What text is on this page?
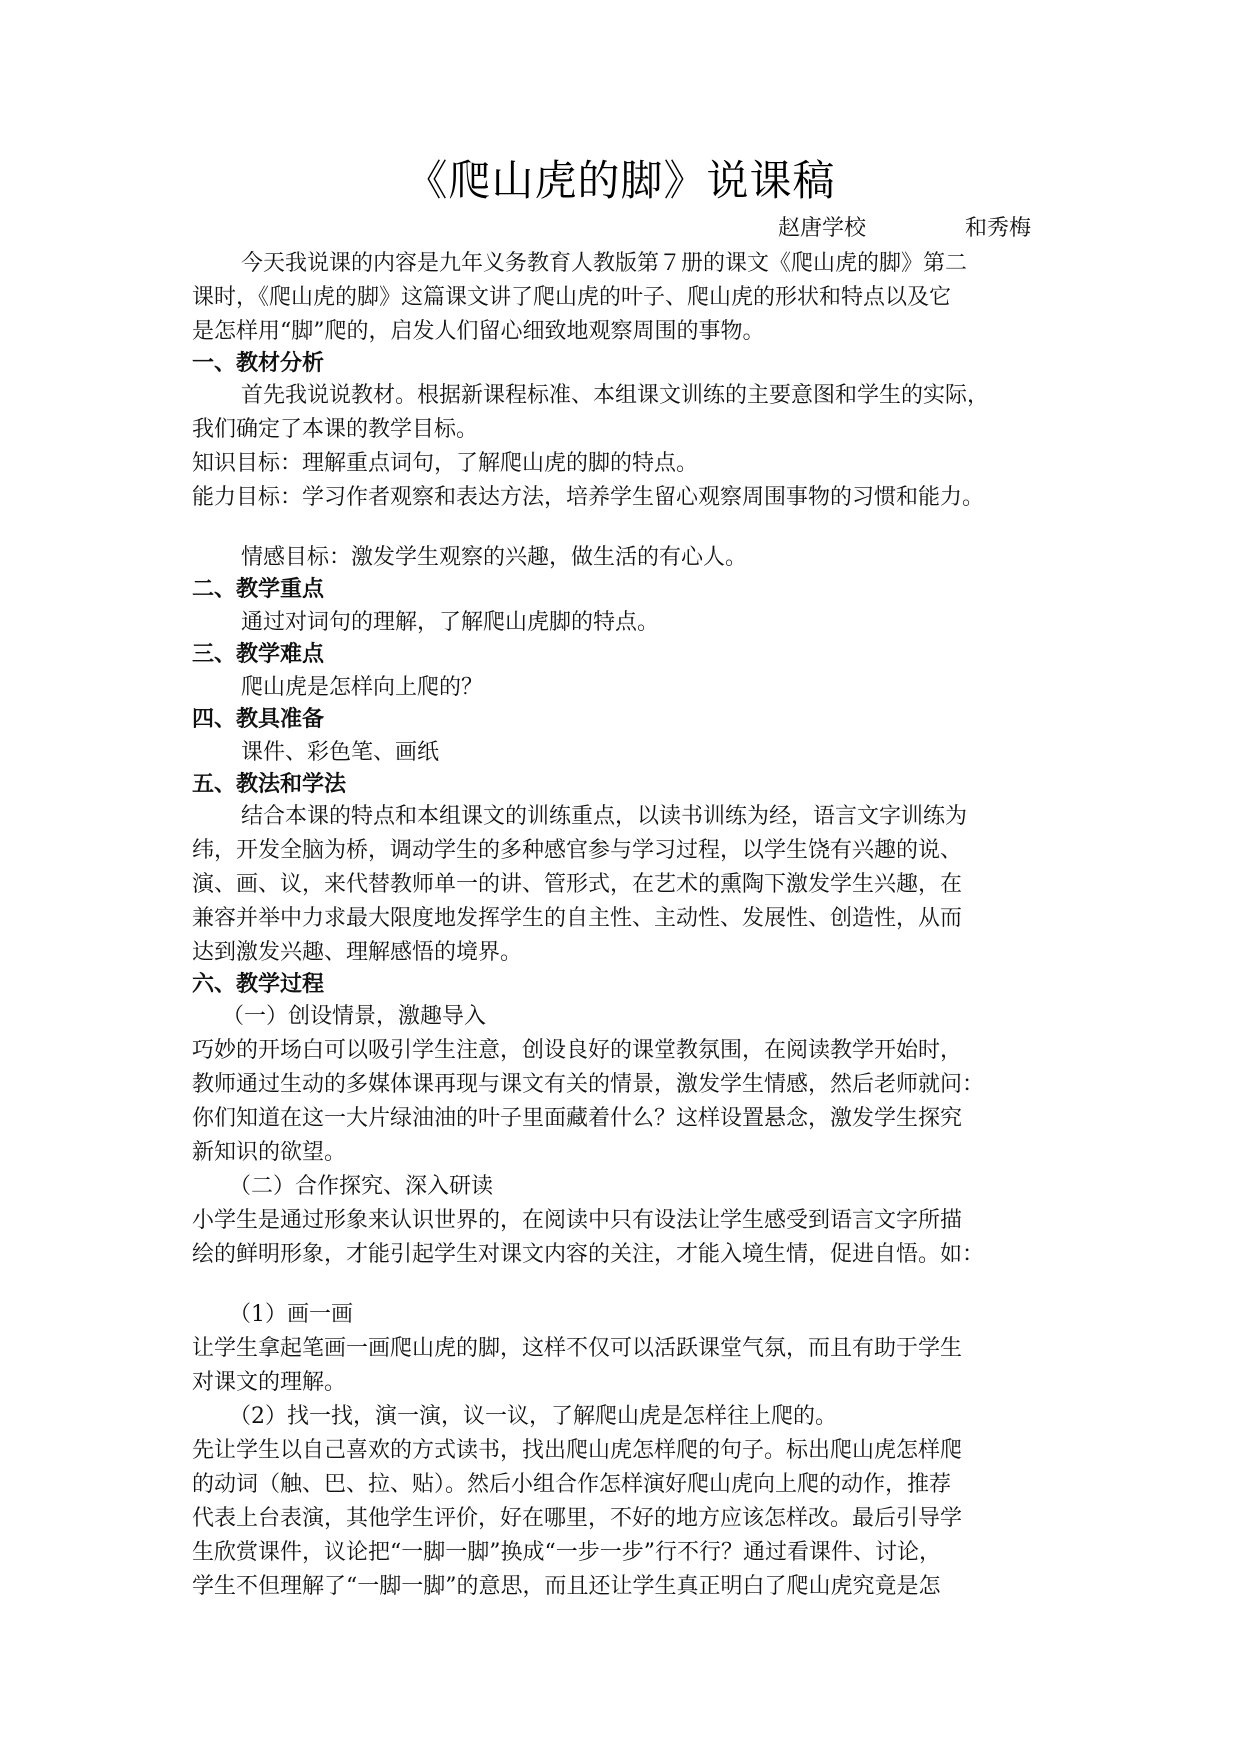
《爬山虎的脚》说课稿
赵唐学校	和秀梅
今天我说课的内容是九年义务教育人教版第７册的课文《爬山虎的脚》第二
课时，《爬山虎的脚》这篇课文讲了爬山虎的叶子、爬山虎的形状和特点以及它
是怎样用“脚”爬的，启发人们留心细致地观察周围的事物。
一、教材分析
首先我说说教材。根据新课程标准、本组课文训练的主要意图和学生的实际，
我们确定了本课的教学目标。
知识目标：理解重点词句，了解爬山虎的脚的特点。
能力目标：学习作者观察和表达方法，培养学生留心观察周围事物的习惯和能力。
情感目标：激发学生观察的兴趣，做生活的有心人。
二、教学重点
通过对词句的理解，了解爬山虎脚的特点。
三、教学难点
爬山虎是怎样向上爬的？
四、教具准备
课件、彩色笔、画纸
五、教法和学法
结合本课的特点和本组课文的训练重点，以读书训练为经，语言文字训练为
纬，开发全脑为桥，调动学生的多种感官参与学习过程，以学生饶有兴趣的说、
演、画、议，来代替教师单一的讲、管形式，在艺术的熏陶下激发学生兴趣，在
兼容并举中力求最大限度地发挥学生的自主性、主动性、发展性、创造性，从而
达到激发兴趣、理解感悟的境界。
六、教学过程
（一）创设情景，激趣导入
巧妙的开场白可以吸引学生注意，创设良好的课堂教氛围，在阅读教学开始时，
教师通过生动的多媒体课再现与课文有关的情景，激发学生情感，然后老师就问：
你们知道在这一大片绿油油的叶子里面藏着什么？这样设置悬念，激发学生探究
新知识的欲望。
（二）合作探究、深入研读
小学生是通过形象来认识世界的，在阅读中只有设法让学生感受到语言文字所描
绘的鲜明形象，才能引起学生对课文内容的关注，才能入境生情，促进自悟。如：
（1）画一画
让学生拿起笔画一画爬山虎的脚，这样不仅可以活跃课堂气氛，而且有助于学生
对课文的理解。
（2）找一找，演一演，议一议，了解爬山虎是怎样往上爬的。
先让学生以自己喜欢的方式读书，找出爬山虎怎样爬的句子。标出爬山虎怎样爬
的动词（触、巴、拉、贴）。然后小组合作怎样演好爬山虎向上爬的动作，推荐
代表上台表演，其他学生评价，好在哪里，不好的地方应该怎样改。最后引导学
生欣赏课件，议论把“一脚一脚”换成“一步一步”行不行？通过看课件、讨论，
学生不但理解了“一脚一脚”的意思，而且还让学生真正明白了爬山虎究竟是怎
